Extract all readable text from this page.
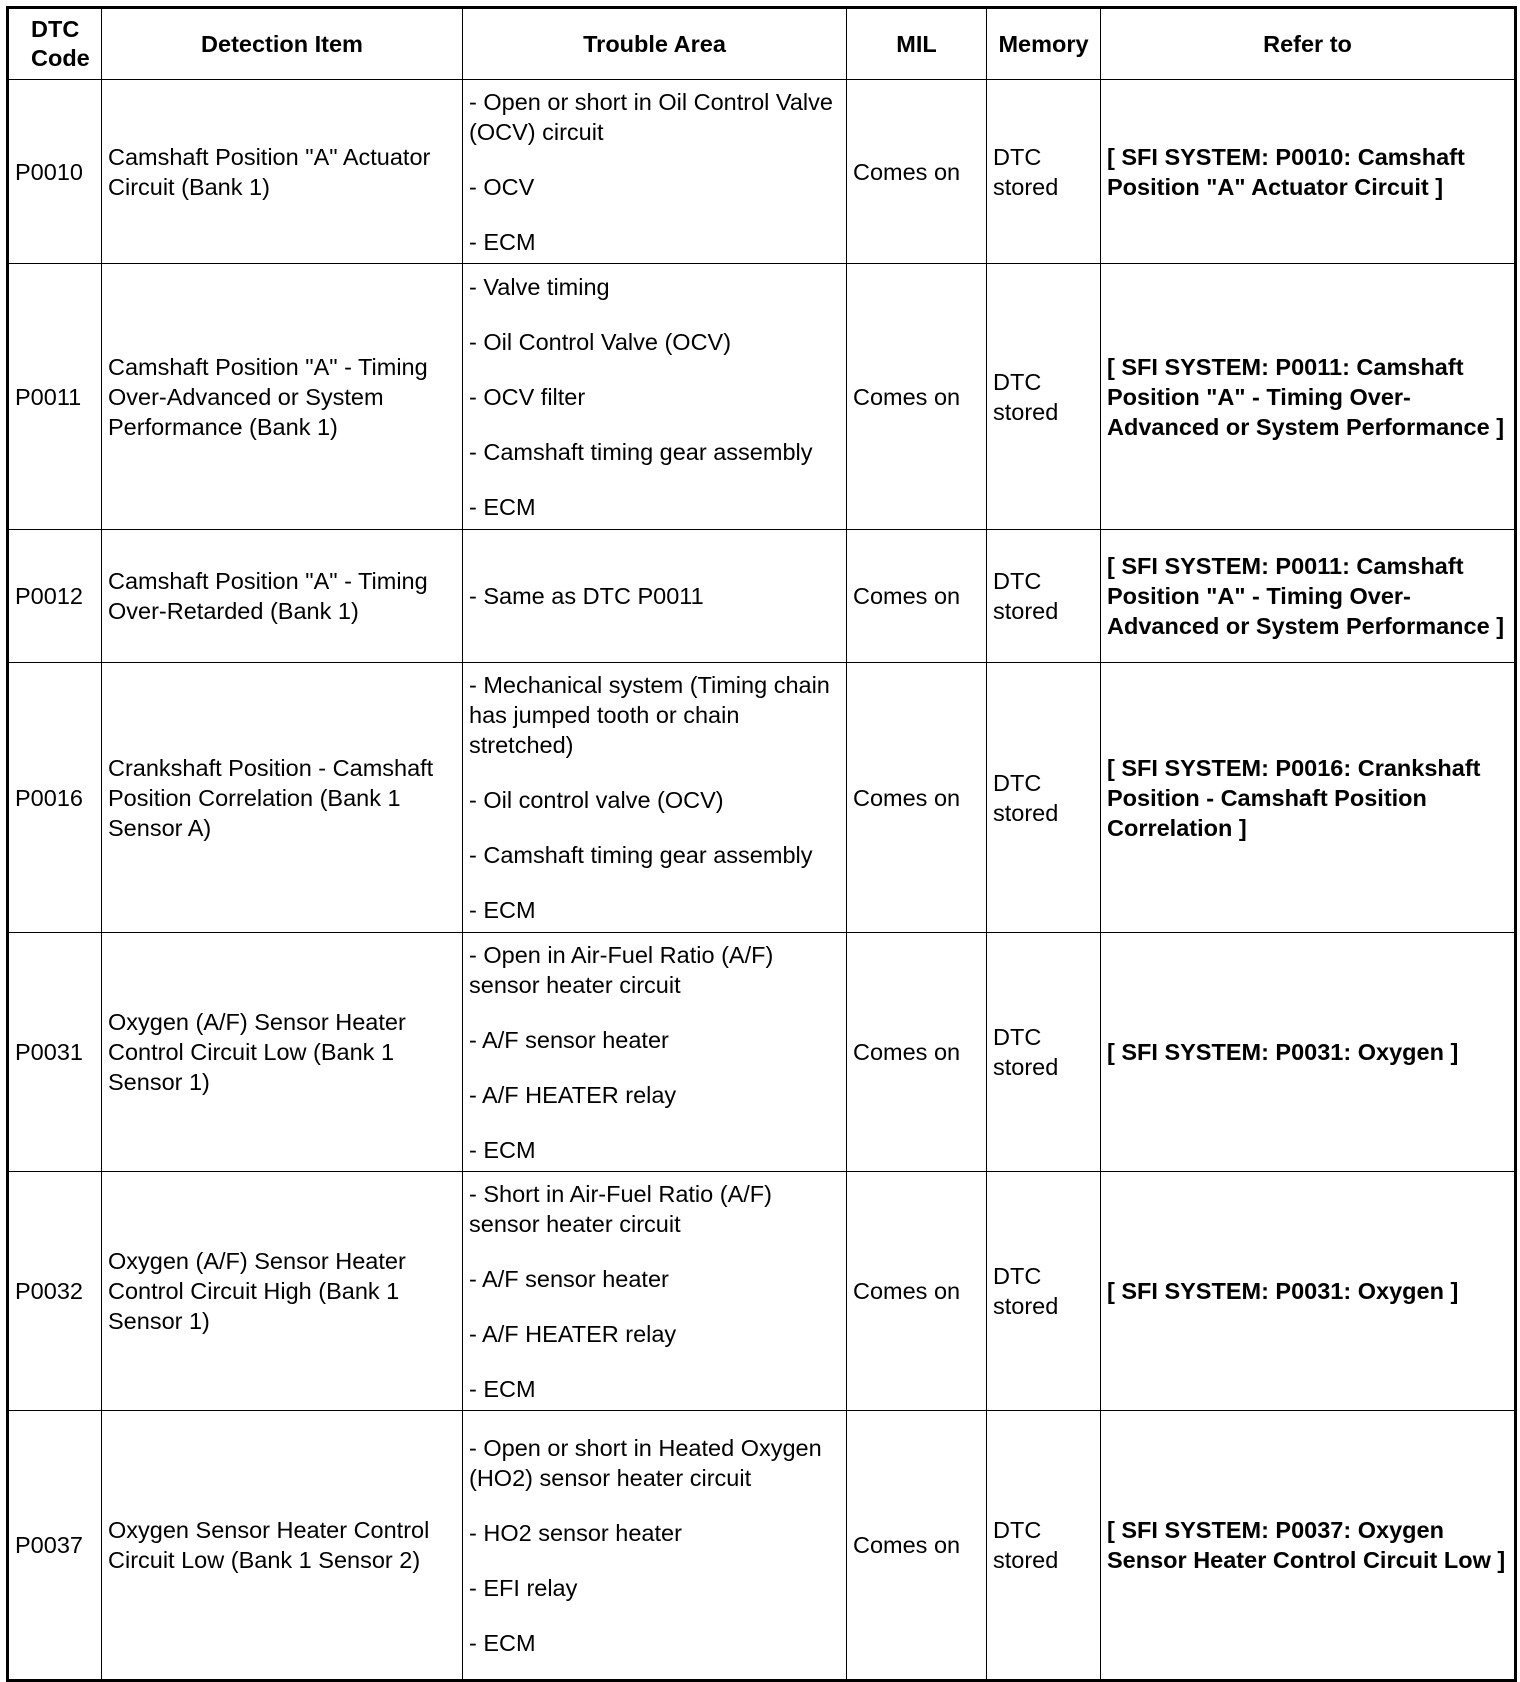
DTC Code	Detection Item	Trouble Area	MIL	Memory	Refer to
P0010	Camshaft Position "A" Actuator Circuit (Bank 1)	- Open or short in Oil Control Valve (OCV) circuit
- OCV
- ECM	Comes on	DTC stored	[ SFI SYSTEM: P0010: Camshaft Position "A" Actuator Circuit ]
P0011	Camshaft Position "A" - Timing Over-Advanced or System Performance (Bank 1)	- Valve timing
- Oil Control Valve (OCV)
- OCV filter
- Camshaft timing gear assembly
- ECM	Comes on	DTC stored	[ SFI SYSTEM: P0011: Camshaft Position "A" - Timing Over-Advanced or System Performance ]
P0012	Camshaft Position "A" - Timing Over-Retarded (Bank 1)	- Same as DTC P0011	Comes on	DTC stored	[ SFI SYSTEM: P0011: Camshaft Position "A" - Timing Over-Advanced or System Performance ]
P0016	Crankshaft Position - Camshaft Position Correlation (Bank 1 Sensor A)	- Mechanical system (Timing chain has jumped tooth or chain stretched)
- Oil control valve (OCV)
- Camshaft timing gear assembly
- ECM	Comes on	DTC stored	[ SFI SYSTEM: P0016: Crankshaft Position - Camshaft Position Correlation ]
P0031	Oxygen (A/F) Sensor Heater Control Circuit Low (Bank 1 Sensor 1)	- Open in Air-Fuel Ratio (A/F) sensor heater circuit
- A/F sensor heater
- A/F HEATER relay
- ECM	Comes on	DTC stored	[ SFI SYSTEM: P0031: Oxygen ]
P0032	Oxygen (A/F) Sensor Heater Control Circuit High (Bank 1 Sensor 1)	- Short in Air-Fuel Ratio (A/F) sensor heater circuit
- A/F sensor heater
- A/F HEATER relay
- ECM	Comes on	DTC stored	[ SFI SYSTEM: P0031: Oxygen ]
P0037	Oxygen Sensor Heater Control Circuit Low (Bank 1 Sensor 2)	- Open or short in Heated Oxygen (HO2) sensor heater circuit
- HO2 sensor heater
- EFI relay
- ECM	Comes on	DTC stored	[ SFI SYSTEM: P0037: Oxygen Sensor Heater Control Circuit Low ]
